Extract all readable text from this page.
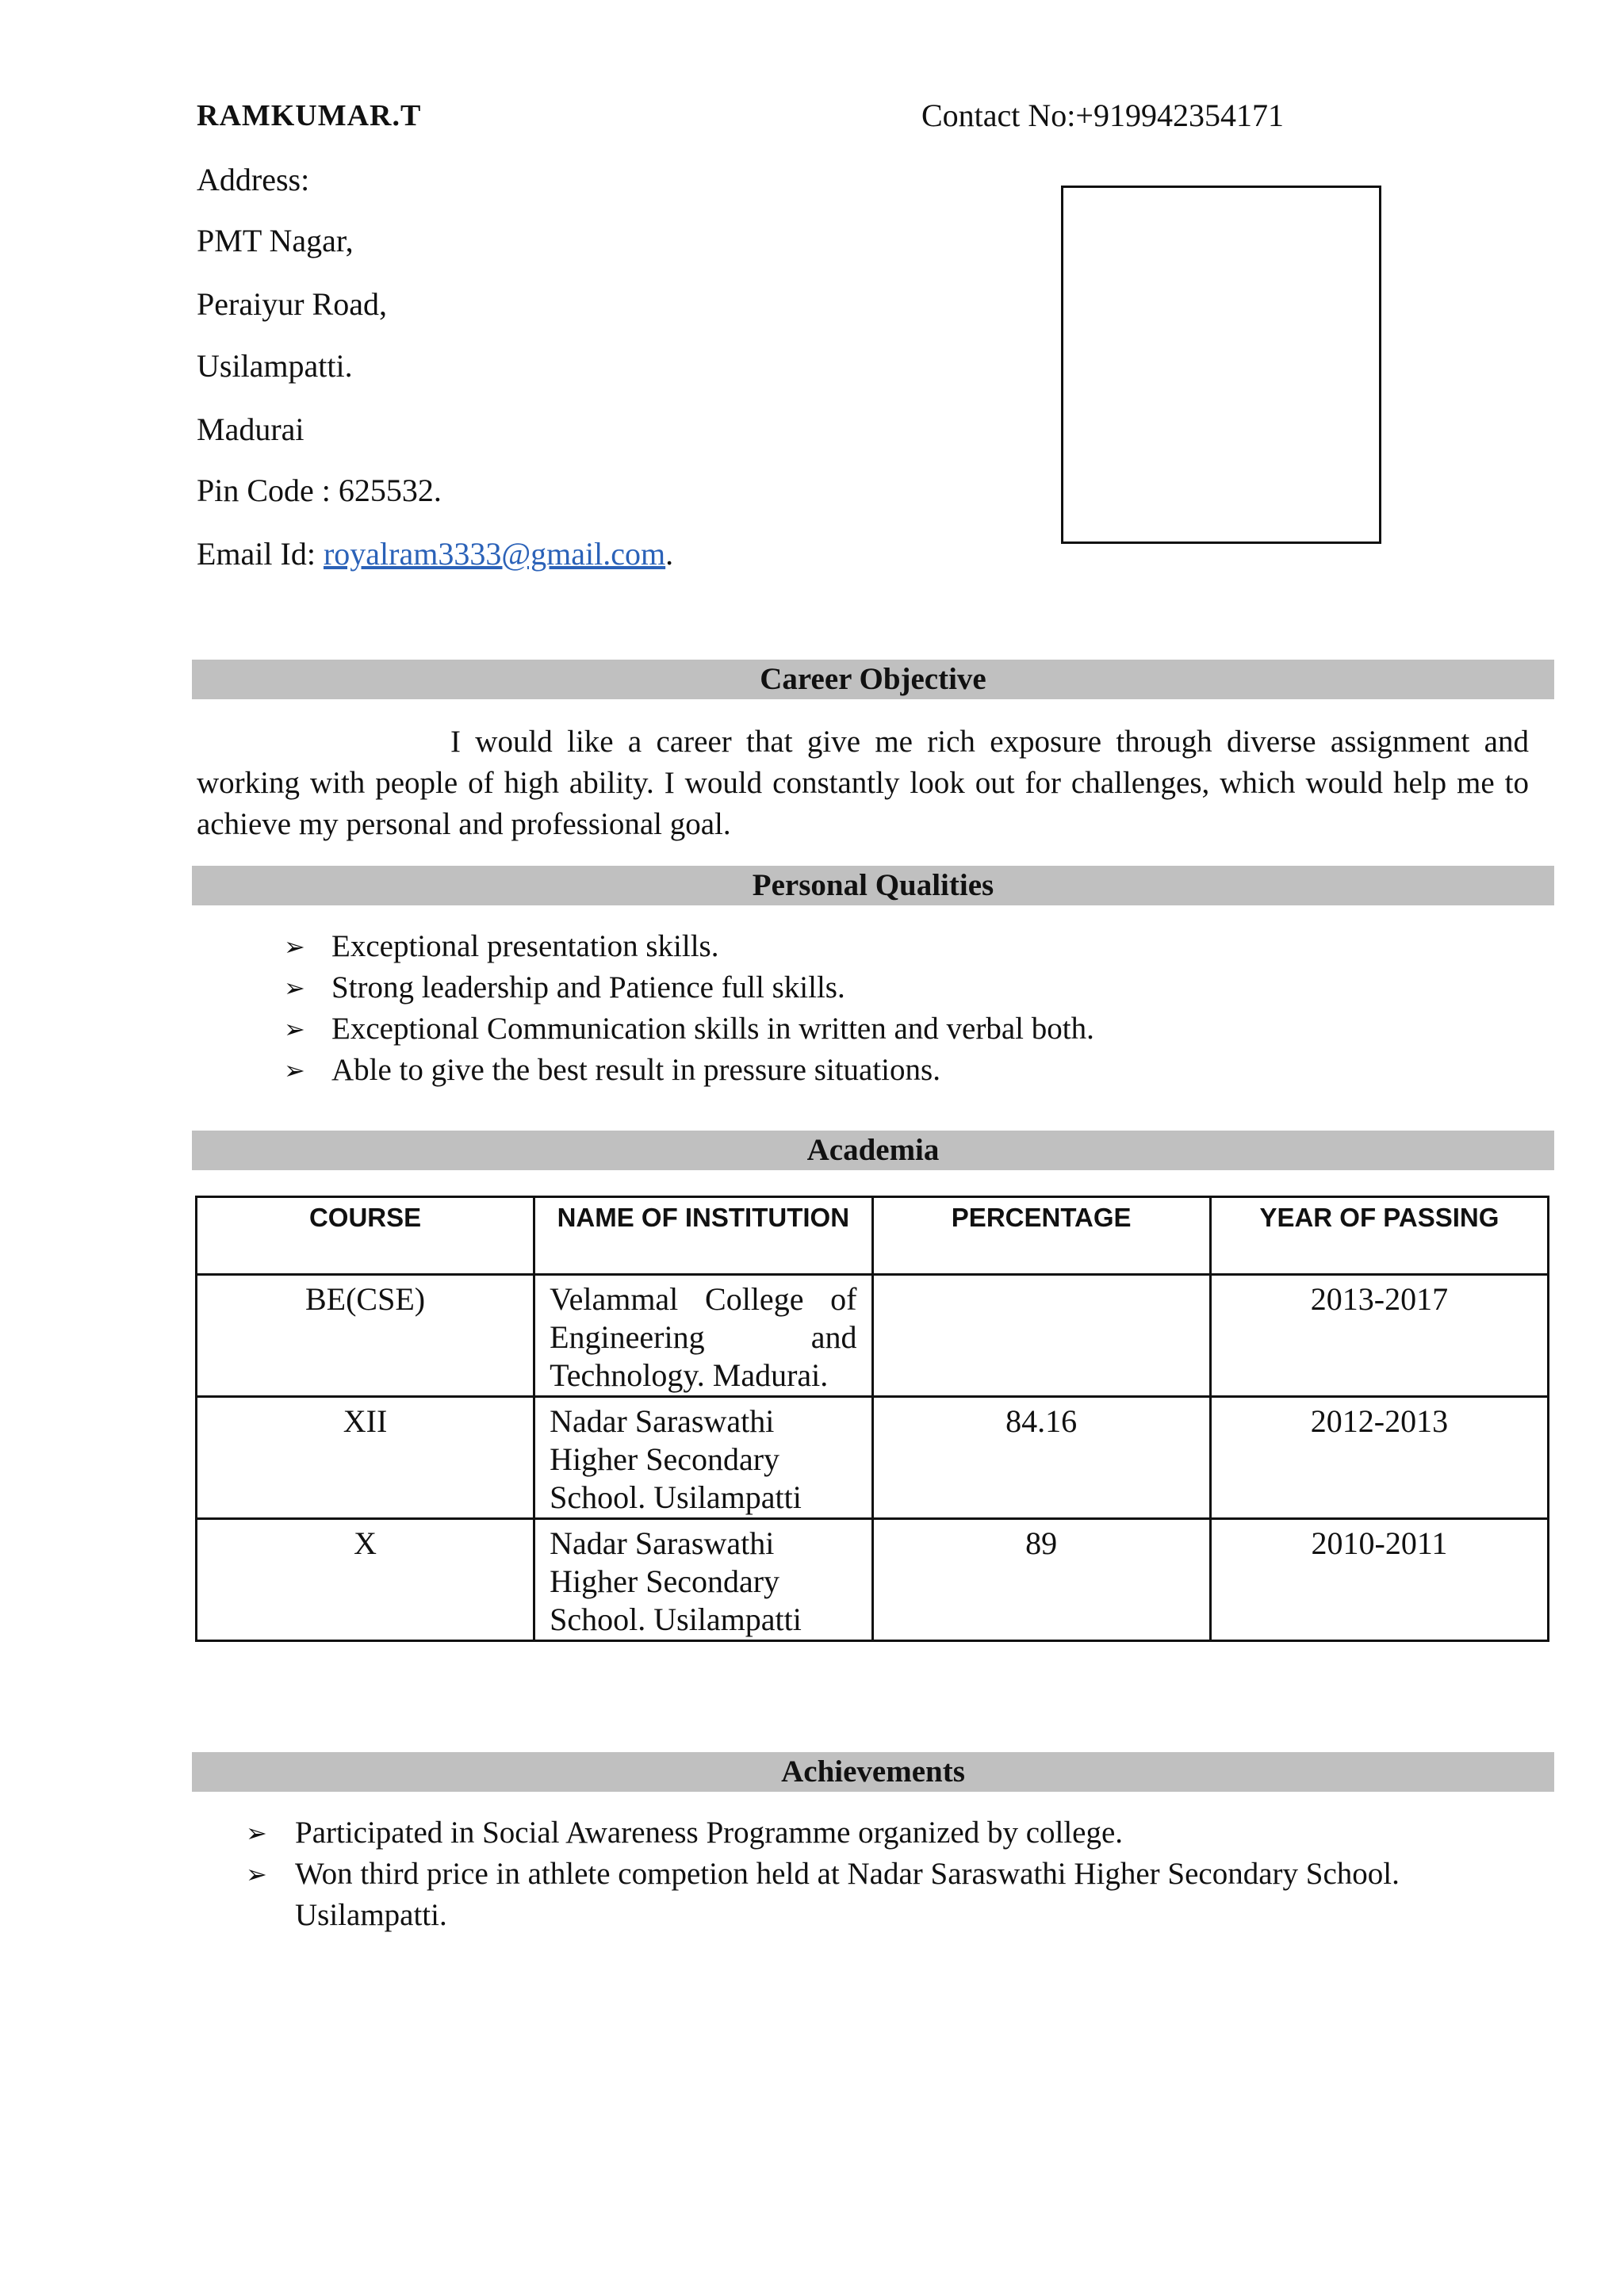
RAMKUMAR.T	Contact No:+919942354171
Address:
PMT Nagar,
Peraiyur Road,
Usilampatti.
Madurai
Pin Code : 625532.
Email Id: royalram3333@gmail.com.
Career Objective
I would like a career that give me rich exposure through diverse assignment and working with people of high ability. I would constantly look out for challenges, which would help me to achieve my personal and professional goal.
Personal Qualities
➢ Exceptional presentation skills.
➢ Strong leadership and Patience full skills.
➢ Exceptional Communication skills in written and verbal both.
➢ Able to give the best result in pressure situations.
Academia
COURSE	NAME OF INSTITUTION	PERCENTAGE	YEAR OF PASSING
BE(CSE)	Velammal College of Engineering and Technology. Madurai.		2013-2017
XII	Nadar Saraswathi Higher Secondary School. Usilampatti	84.16	2012-2013
X	Nadar Saraswathi Higher Secondary School. Usilampatti	89	2010-2011
Achievements
➢ Participated in Social Awareness Programme organized by college.
➢ Won third price in athlete competion held at Nadar Saraswathi Higher Secondary School. Usilampatti.
